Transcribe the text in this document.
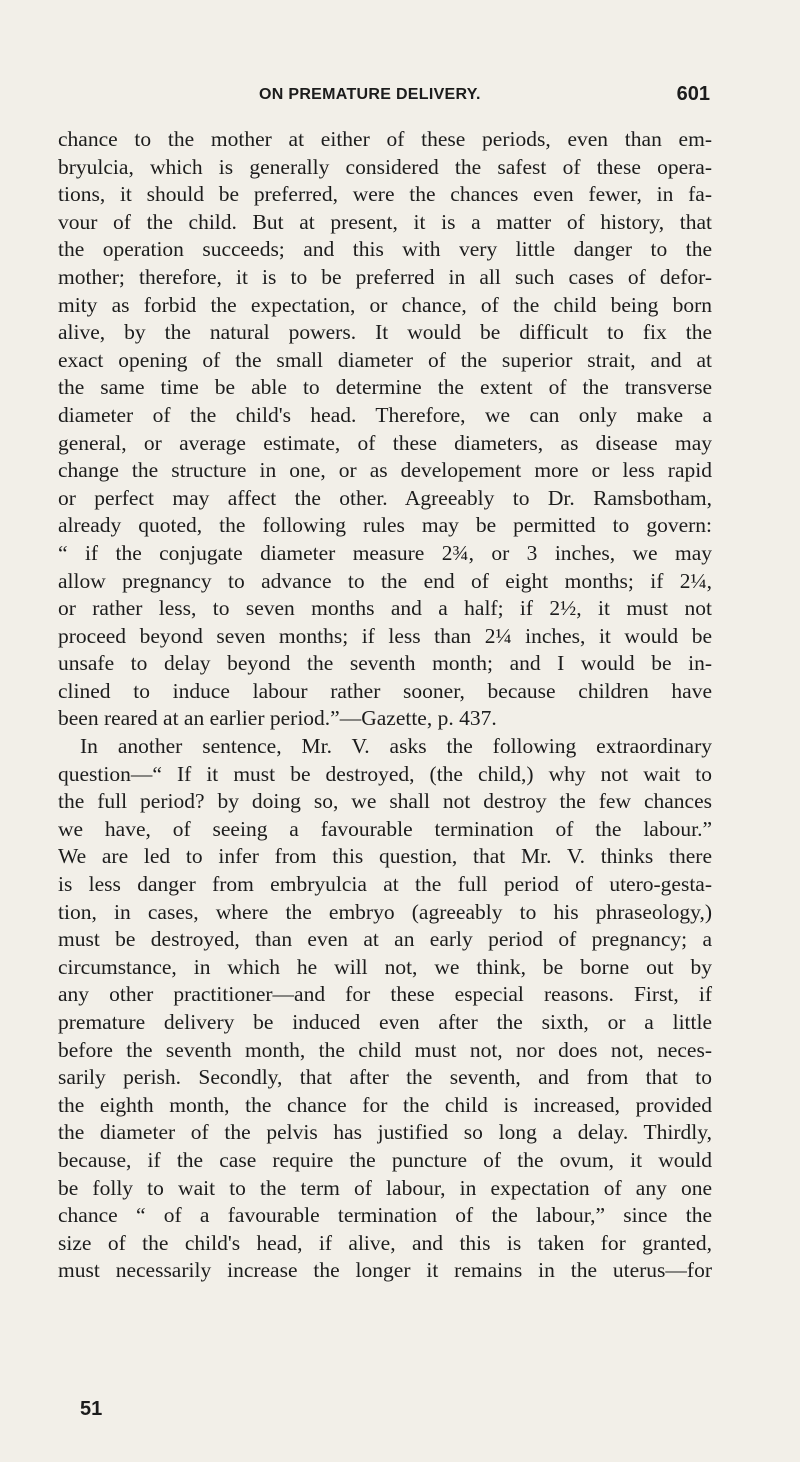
ON PREMATURE DELIVERY.	601
chance to the mother at either of these periods, even than em-
bryulcia, which is generally considered the safest of these opera-
tions, it should be preferred, were the chances even fewer, in fa-
vour of the child. But at present, it is a matter of history, that
the operation succeeds; and this with very little danger to the
mother; therefore, it is to be preferred in all such cases of defor-
mity as forbid the expectation, or chance, of the child being born
alive, by the natural powers. It would be difficult to fix the
exact opening of the small diameter of the superior strait, and at
the same time be able to determine the extent of the transverse
diameter of the child's head. Therefore, we can only make a
general, or average estimate, of these diameters, as disease may
change the structure in one, or as developement more or less rapid
or perfect may affect the other. Agreeably to Dr. Ramsbotham,
already quoted, the following rules may be permitted to govern:
“ if the conjugate diameter measure 2¾, or 3 inches, we may
allow pregnancy to advance to the end of eight months; if 2¼,
or rather less, to seven months and a half; if 2½, it must not
proceed beyond seven months; if less than 2¼ inches, it would be
unsafe to delay beyond the seventh month; and I would be in-
clined to induce labour rather sooner, because children have
been reared at an earlier period.”—Gazette, p. 437.
In another sentence, Mr. V. asks the following extraordinary
question—“ If it must be destroyed, (the child,) why not wait to
the full period? by doing so, we shall not destroy the few chances
we have, of seeing a favourable termination of the labour.”
We are led to infer from this question, that Mr. V. thinks there
is less danger from embryulcia at the full period of utero-gesta-
tion, in cases, where the embryo (agreeably to his phraseology,)
must be destroyed, than even at an early period of pregnancy; a
circumstance, in which he will not, we think, be borne out by
any other practitioner—and for these especial reasons. First, if
premature delivery be induced even after the sixth, or a little
before the seventh month, the child must not, nor does not, neces-
sarily perish. Secondly, that after the seventh, and from that to
the eighth month, the chance for the child is increased, provided
the diameter of the pelvis has justified so long a delay. Thirdly,
because, if the case require the puncture of the ovum, it would
be folly to wait to the term of labour, in expectation of any one
chance “ of a favourable termination of the labour,” since the
size of the child's head, if alive, and this is taken for granted,
must necessarily increase the longer it remains in the uterus—for
51
